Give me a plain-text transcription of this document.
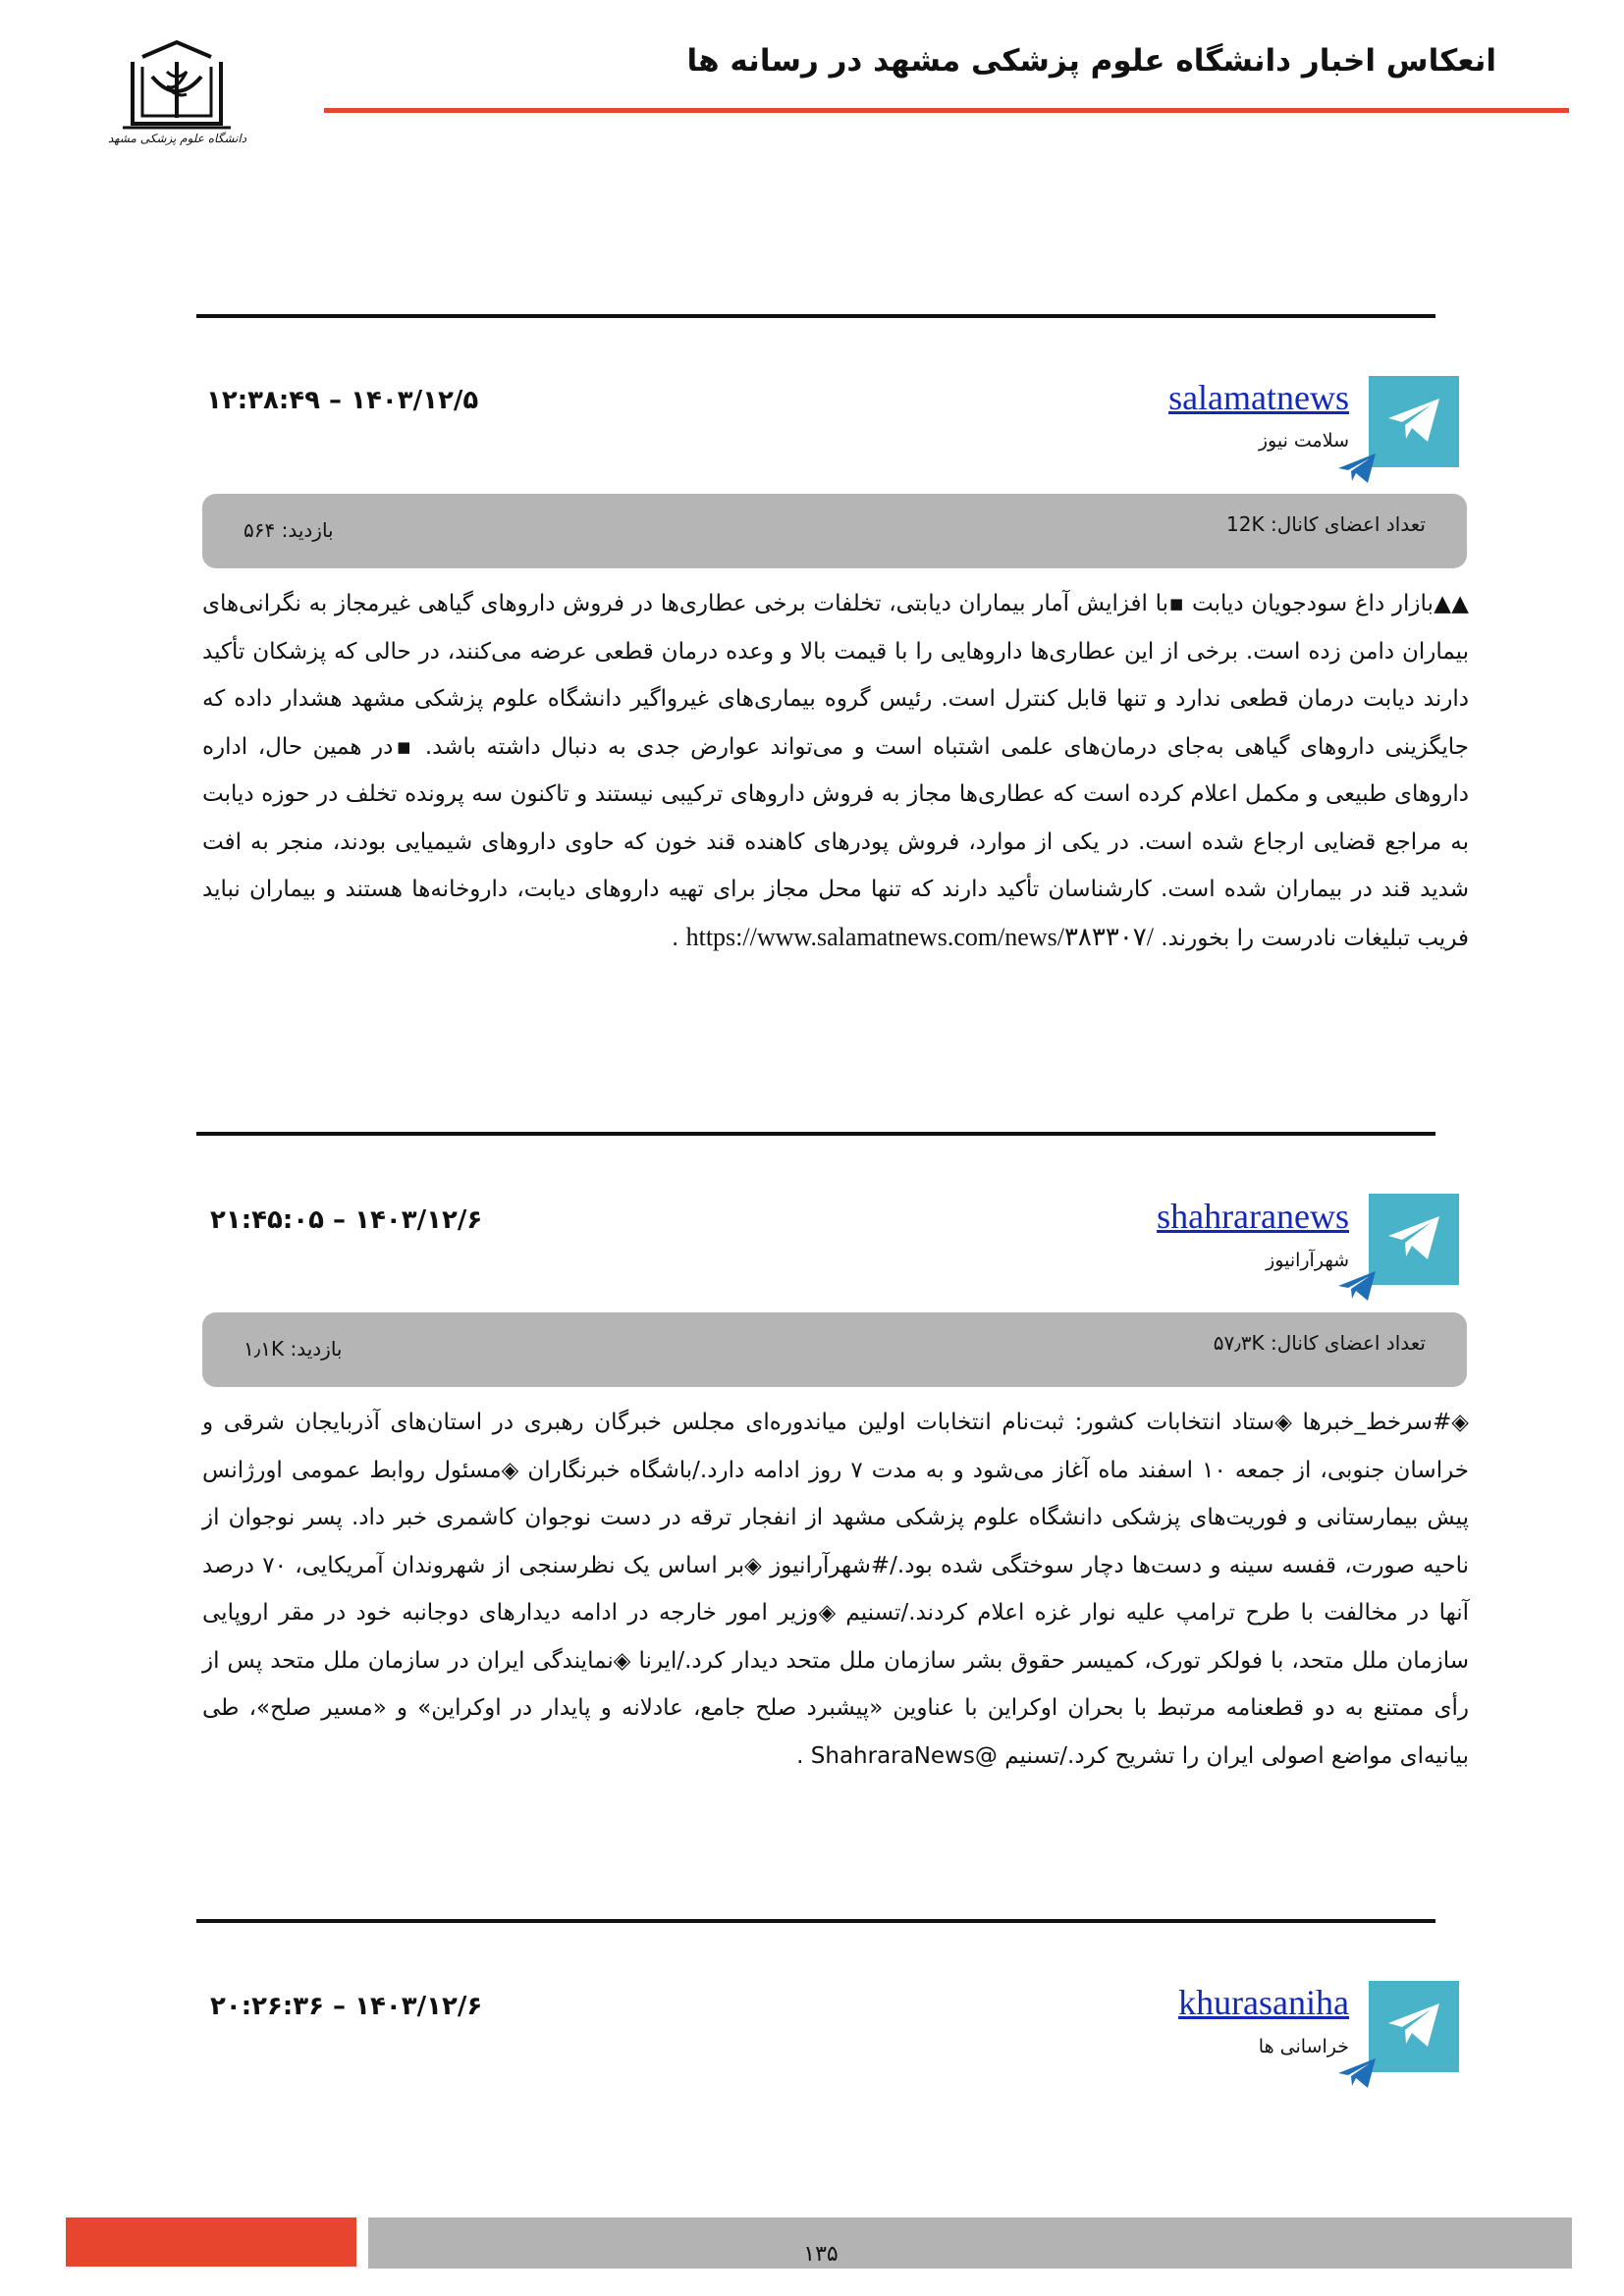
انعکاس اخبار دانشگاه علوم پزشکی مشهد در رسانه ها
دانشگاه علوم پزشکی مشهد
salamatnews
سلامت نیوز
۱۲:۳۸:۴۹ – ۱۴۰۳/۱۲/۵
تعداد اعضای کانال: 12K
بازدید: ۵۶۴
▲▲بازار داغ سودجویان دیابت ▪با افزایش آمار بیماران دیابتی، تخلفات برخی عطاری‌ها در فروش داروهای گیاهی غیرمجاز به نگرانی‌های بیماران دامن زده است. برخی از این عطاری‌ها داروهایی را با قیمت بالا و وعده درمان قطعی عرضه می‌کنند، در حالی که پزشکان تأکید دارند دیابت درمان قطعی ندارد و تنها قابل کنترل است. رئیس گروه بیماری‌های غیرواگیر دانشگاه علوم پزشکی مشهد هشدار داده که جایگزینی داروهای گیاهی به‌جای درمان‌های علمی اشتباه است و می‌تواند عوارض جدی به دنبال داشته باشد. ▪در همین حال، اداره داروهای طبیعی و مکمل اعلام کرده است که عطاری‌ها مجاز به فروش داروهای ترکیبی نیستند و تاکنون سه پرونده تخلف در حوزه دیابت به مراجع قضایی ارجاع شده است. در یکی از موارد، فروش پودرهای کاهنده قند خون که حاوی داروهای شیمیایی بودند، منجر به افت شدید قند در بیماران شده است. کارشناسان تأکید دارند که تنها محل مجاز برای تهیه داروهای دیابت، داروخانه‌ها هستند و بیماران نباید فریب تبلیغات نادرست را بخورند. https://www.salamatnews.com/news/۳۸۳۳۰۷/ .
shahraranews
شهرآرانیوز
۲۱:۴۵:۰۵ – ۱۴۰۳/۱۲/۶
تعداد اعضای کانال: ۵۷٫۳K
بازدید: ۱٫۱K
◈#سرخط_خبرها ◈ستاد انتخابات کشور: ثبت‌نام انتخابات اولین میاندوره‌ای مجلس خبرگان رهبری در استان‌های آذربایجان شرقی و خراسان جنوبی، از جمعه ۱۰ اسفند ماه آغاز می‌شود و به مدت ۷ روز ادامه دارد./باشگاه خبرنگاران ◈مسئول روابط عمومی اورژانس پیش بیمارستانی و فوریت‌های پزشکی دانشگاه علوم پزشکی مشهد از انفجار ترقه در دست نوجوان کاشمری خبر داد. پسر نوجوان از ناحیه صورت، قفسه سینه و دست‌ها دچار سوختگی شده بود./#شهرآرانیوز ◈بر اساس یک نظرسنجی از شهروندان آمریکایی، ۷۰ درصد آنها در مخالفت با طرح ترامپ علیه نوار غزه اعلام کردند./تسنیم ◈وزیر امور خارجه در ادامه دیدارهای دوجانبه خود در مقر اروپایی سازمان ملل متحد، با فولکر تورک، کمیسر حقوق بشر سازمان ملل متحد دیدار کرد./ایرنا ◈نمایندگی ایران در سازمان ملل متحد پس از رأی ممتنع به دو قطعنامه مرتبط با بحران اوکراین با عناوین «پیشبرد صلح جامع، عادلانه و پایدار در اوکراین» و «مسیر صلح»، طی بیانیه‌ای مواضع اصولی ایران را تشریح کرد./تسنیم @ShahraraNews .
khurasaniha
خراسانی ها
۲۰:۲۶:۳۶ – ۱۴۰۳/۱۲/۶
۱۳۵
